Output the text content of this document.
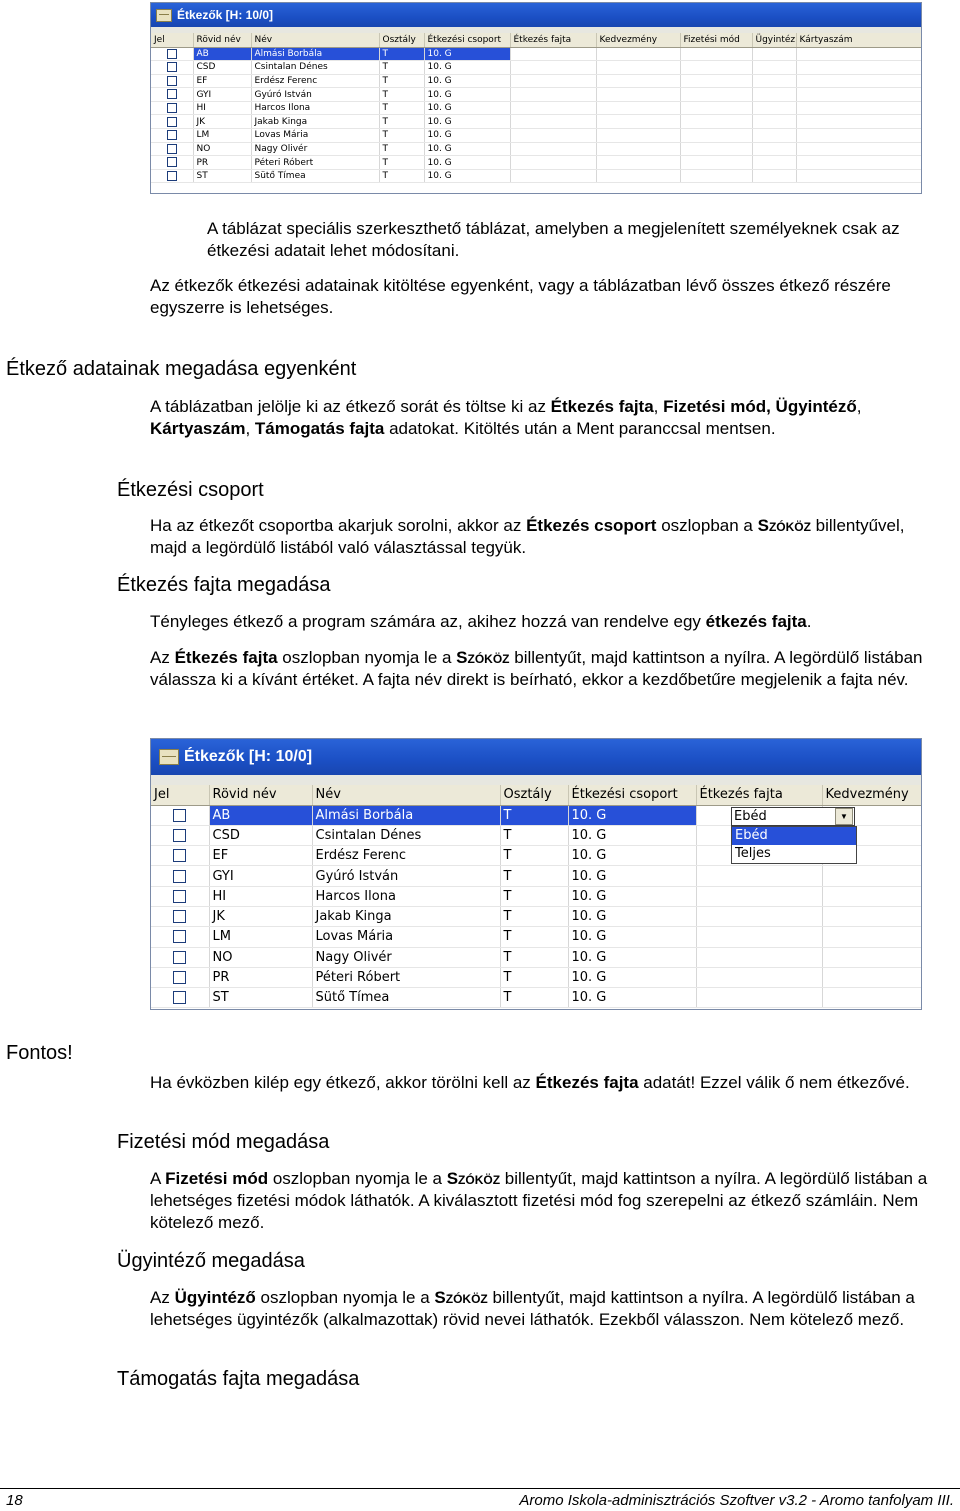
Étkezők [H: 10/0]
Jel	Rövid név	Név	Osztály	Étkezési csoport	Étkezés fajta	Kedvezmény	Fizetési mód	Ügyintéz	Kártyaszám
	AB	Almási Borbála	T	10. G					
	CSD	Csintalan Dénes	T	10. G					
	EF	Erdész Ferenc	T	10. G					
	GYI	Gyúró István	T	10. G					
	HI	Harcos Ilona	T	10. G					
	JK	Jakab Kinga	T	10. G					
	LM	Lovas Mária	T	10. G					
	NO	Nagy Olivér	T	10. G					
	PR	Péteri Róbert	T	10. G					
	ST	Sütő Tímea	T	10. G					
A táblázat speciális szerkeszthető táblázat, amelyben a megjelenített személyeknek csak az étkezési adatait lehet módosítani.
Az étkezők étkezési adatainak kitöltése egyenként, vagy a táblázatban lévő összes étkező részére egyszerre is lehetséges.
Étkező adatainak megadása egyenként
A táblázatban jelölje ki az étkező sorát és töltse ki az Étkezés fajta, Fizetési mód, Ügyintéző, Kártyaszám, Támogatás fajta adatokat. Kitöltés után a Ment paranccsal mentsen.
Étkezési csoport
Ha az étkezőt csoportba akarjuk sorolni, akkor az Étkezés csoport oszlopban a Szóköz billentyűvel, majd a legördülő listából való választással tegyük.
Étkezés fajta megadása
Tényleges étkező a program számára az, akihez hozzá van rendelve egy étkezés fajta.
Az Étkezés fajta oszlopban nyomja le a Szóköz billentyűt, majd kattintson a nyílra. A legördülő listában válassza ki a kívánt értéket. A fajta név direkt is beírható, ekkor a kezdőbetűre megjelenik a fajta név.
Étkezők [H: 10/0]
Jel	Rövid név	Név	Osztály	Étkezési csoport	Étkezés fajta	Kedvezmény
	AB	Almási Borbála	T	10. G		
	CSD	Csintalan Dénes	T	10. G		
	EF	Erdész Ferenc	T	10. G		
	GYI	Gyúró István	T	10. G		
	HI	Harcos Ilona	T	10. G		
	JK	Jakab Kinga	T	10. G		
	LM	Lovas Mária	T	10. G		
	NO	Nagy Olivér	T	10. G		
	PR	Péteri Róbert	T	10. G		
	ST	Sütő Tímea	T	10. G		
Ebéd	▼
Ebéd
Teljes
Fontos!
Ha évközben kilép egy étkező, akkor törölni kell az Étkezés fajta adatát! Ezzel válik ő nem étkezővé.
Fizetési mód megadása
A Fizetési mód oszlopban nyomja le a Szóköz billentyűt, majd kattintson a nyílra. A legördülő listában a lehetséges fizetési módok láthatók. A kiválasztott fizetési mód fog szerepelni az étkező számláin. Nem kötelező mező.
Ügyintéző megadása
Az Ügyintéző oszlopban nyomja le a Szóköz billentyűt, majd kattintson a nyílra. A legördülő listában a lehetséges ügyintézők (alkalmazottak) rövid nevei láthatók. Ezekből válasszon. Nem kötelező mező.
Támogatás fajta megadása
18	Aromo Iskola-adminisztrációs Szoftver v3.2 - Aromo tanfolyam III.
